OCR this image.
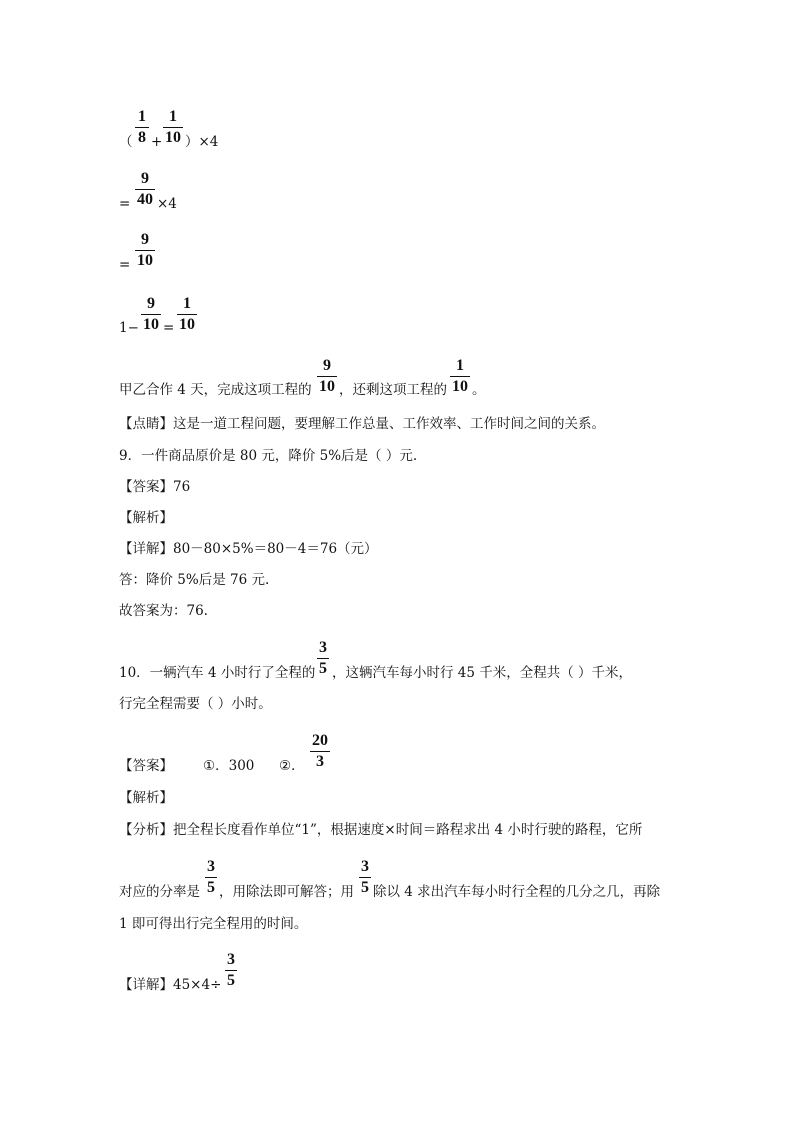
（
1
8 +
1
10 ）×4
=
9
40 ×4
=
9
10
1−
9
10 =
1
10
甲乙合作 4 天，完成这项工程的
9
10 ，还剩这项工程的
1
10 。
【点睛】这是一道工程问题，要理解工作总量、工作效率、工作时间之间的关系。
9．一件商品原价是 80 元，降价 5%后是（ ）元.
【答案】76
【解析】
【详解】80－80×5%＝80－4＝76（元）
答：降价 5%后是 76 元.
故答案为：76.
10．一辆汽车 4 小时行了全程的
3
5 ，这辆汽车每小时行 45 千米，全程共（ ）千米，
行完全程需要（ ）小时。
【答案】 ①．300 ②．
20
3
【解析】
【分析】把全程长度看作单位“1”，根据速度×时间＝路程求出 4 小时行驶的路程，它所
对应的分率是
3
5 ，用除法即可解答；用
3
5 除以 4 求出汽车每小时行全程的几分之几，再除
1 即可得出行完全程用的时间。
【详解】45×4÷
3
5
